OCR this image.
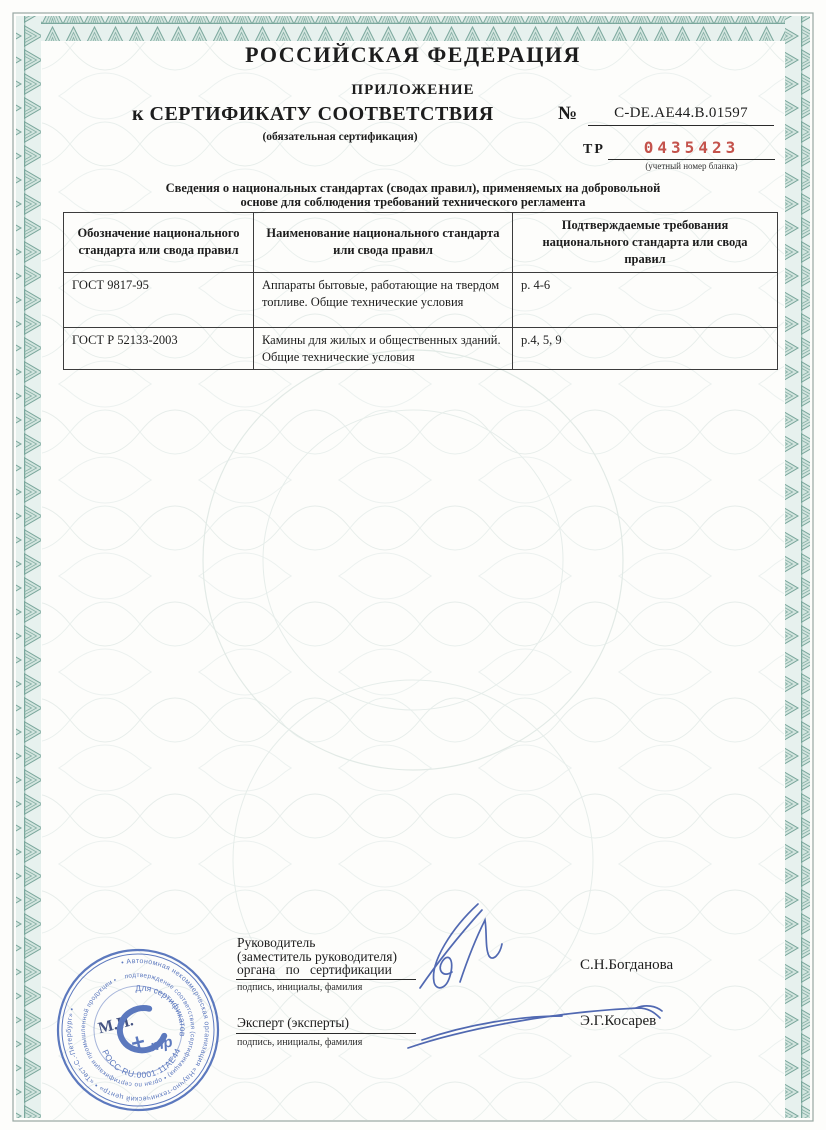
РОССИЙСКАЯ ФЕДЕРАЦИЯ
ПРИЛОЖЕНИЕ
к СЕРТИФИКАТУ СООТВЕТСТВИЯ	№	С-DE.АЕ44.В.01597
(обязательная сертификация)
ТР	0435423
(учетный номер бланка)
Сведения о национальных стандартах (сводах правил), применяемых на добровольной
основе для соблюдения требований технического регламента
Обозначение национального стандарта или свода правил	Наименование национального стандарта или свода правил	Подтверждаемые требования национального стандарта или свода правил
ГОСТ 9817-95	Аппараты бытовые, работающие на твердом топливе. Общие технические условия	р. 4-6
ГОСТ Р 52133-2003	Камины для жилых и общественных зданий. Общие технические условия	р.4, 5, 9
Руководитель
(заместитель руководителя)
органа по сертификации
подпись, инициалы, фамилия
С.Н.Богданова
Эксперт (эксперты)
подпись, инициалы, фамилия
Э.Г.Косарев
• Автономная некоммерческая организация «Научно-технический центр» • «Тест-С.-Петербург» •
подтверждение соответствия (сертификация) • орган по сертификации промышленной продукции •
Для сертификатов
РОСС RU.0001.11АЕ44
М.П.
тр
